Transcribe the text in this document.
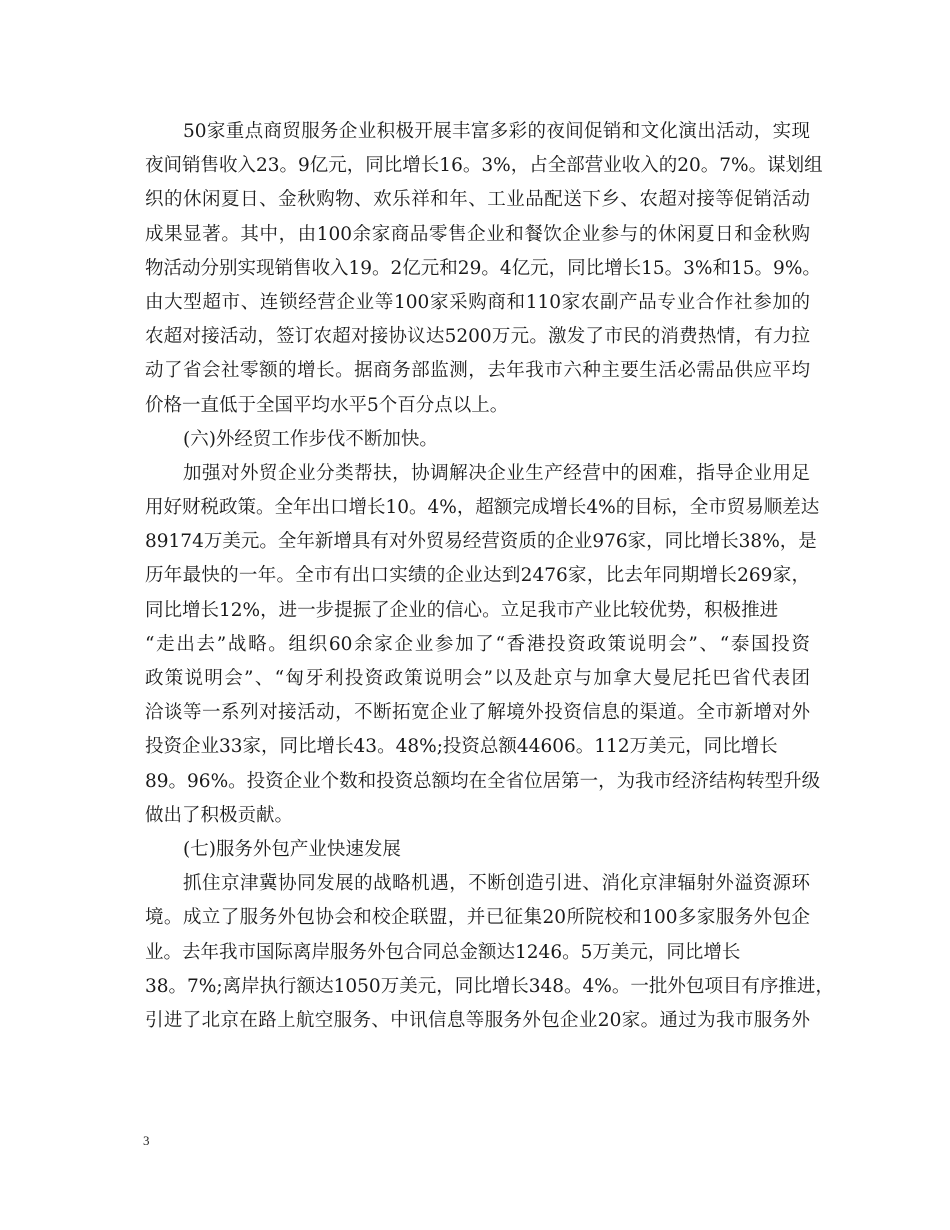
50家重点商贸服务企业积极开展丰富多彩的夜间促销和文化演出活动，实现
夜间销售收入23。9亿元，同比增长16。3%，占全部营业收入的20。7%。谋划组
织的休闲夏日、金秋购物、欢乐祥和年、工业品配送下乡、农超对接等促销活动
成果显著。其中，由100余家商品零售企业和餐饮企业参与的休闲夏日和金秋购
物活动分别实现销售收入19。2亿元和29。4亿元，同比增长15。3%和15。9%。
由大型超市、连锁经营企业等100家采购商和110家农副产品专业合作社参加的
农超对接活动，签订农超对接协议达5200万元。激发了市民的消费热情，有力拉
动了省会社零额的增长。据商务部监测，去年我市六种主要生活必需品供应平均
价格一直低于全国平均水平5个百分点以上。
(六)外经贸工作步伐不断加快。
加强对外贸企业分类帮扶，协调解决企业生产经营中的困难，指导企业用足
用好财税政策。全年出口增长10。4%，超额完成增长4%的目标，全市贸易顺差达
89174万美元。全年新增具有对外贸易经营资质的企业976家，同比增长38%，是
历年最快的一年。全市有出口实绩的企业达到2476家，比去年同期增长269家，
同比增长12%，进一步提振了企业的信心。立足我市产业比较优势，积极推进
“走出去”战略。组织60余家企业参加了“香港投资政策说明会”、“泰国投资
政策说明会”、“匈牙利投资政策说明会”以及赴京与加拿大曼尼托巴省代表团
洽谈等一系列对接活动，不断拓宽企业了解境外投资信息的渠道。全市新增对外
投资企业33家，同比增长43。48%;投资总额44606。112万美元，同比增长
89。96%。投资企业个数和投资总额均在全省位居第一，为我市经济结构转型升级
做出了积极贡献。
(七)服务外包产业快速发展
抓住京津冀协同发展的战略机遇，不断创造引进、消化京津辐射外溢资源环
境。成立了服务外包协会和校企联盟，并已征集20所院校和100多家服务外包企
业。去年我市国际离岸服务外包合同总金额达1246。5万美元，同比增长
38。7%;离岸执行额达1050万美元，同比增长348。4%。一批外包项目有序推进，
引进了北京在路上航空服务、中讯信息等服务外包企业20家。通过为我市服务外
3
